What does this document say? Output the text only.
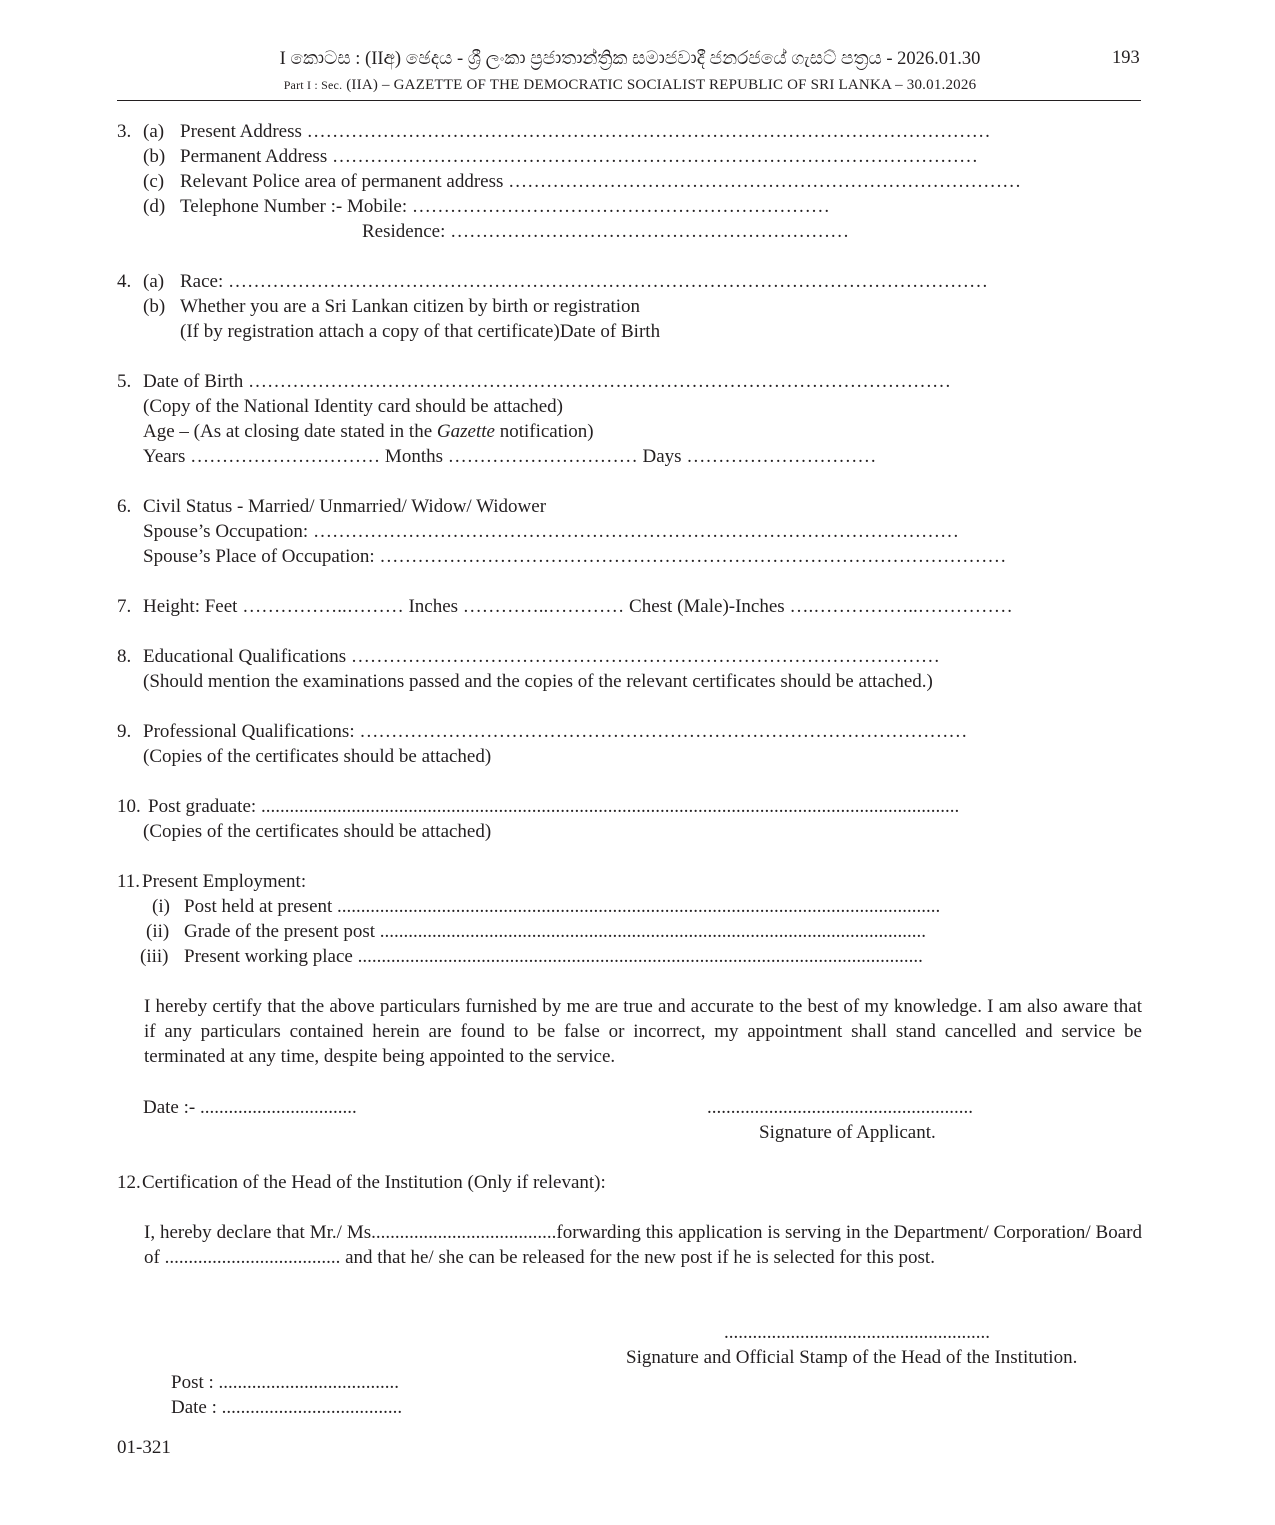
I කොටස : (IIඅ) ඡෙදය - ශ්‍රී ලංකා ප්‍රජාතාන්ත්‍රික සමාජවාදී ජනරජයේ ගැසට් පත්‍රය - 2026.01.30
Part I : Sec. (IIA) – GAZETTE OF THE DEMOCRATIC SOCIALIST REPUBLIC OF SRI LANKA – 30.01.2026
193
3. (a) Present Address ………………………………………………………………………………………………
(b) Permanent Address …………………………………………………………………………………………
(c) Relevant Police area of permanent address ………………………………………………………………………
(d) Telephone Number :- Mobile: …………………………………………………………
Residence: ………………………………………………………
4. (a) Race: …………………………………………………………………………………………………………
(b) Whether you are a Sri Lankan citizen by birth or registration
(If by registration attach a copy of that certificate)Date of Birth
5. Date of Birth …………………………………………………………………………………………………
(Copy of the National Identity card should be attached)
Age – (As at closing date stated in the Gazette notification)
Years ………………………… Months ………………………… Days …………………………
6. Civil Status - Married/ Unmarried/ Widow/ Widower
Spouse’s Occupation: …………………………………………………………………………………………
Spouse’s Place of Occupation: ………………………………………………………………………………………
7. Height: Feet ……………..……… Inches …………..………… Chest (Male)-Inches ….……………..……………
8. Educational Qualifications …………………………………………………………………………………
(Should mention the examinations passed and the copies of the relevant certificates should be attached.)
9. Professional Qualifications: ……………………………………………………………………………………
(Copies of the certificates should be attached)
10. Post graduate: ...................................................................................................................................................
(Copies of the certificates should be attached)
11. Present Employment:
(i) Post held at present ...............................................................................................................................
(ii) Grade of the present post ...................................................................................................................
(iii) Present working place .......................................................................................................................
I hereby certify that the above particulars furnished by me are true and accurate to the best of my knowledge. I am also aware that if any particulars contained herein are found to be false or incorrect, my appointment shall stand cancelled and service be terminated at any time, despite being appointed to the service.
Date :- .................................	........................................................
Signature of Applicant.
12. Certification of the Head of the Institution (Only if relevant):
I, hereby declare that Mr./ Ms.......................................forwarding this application is serving in the Department/ Corporation/ Board of ..................................... and that he/ she can be released for the new post if he is selected for this post.
........................................................
Signature and Official Stamp of the Head of the Institution.
Post : ......................................
Date : ......................................
01-321
